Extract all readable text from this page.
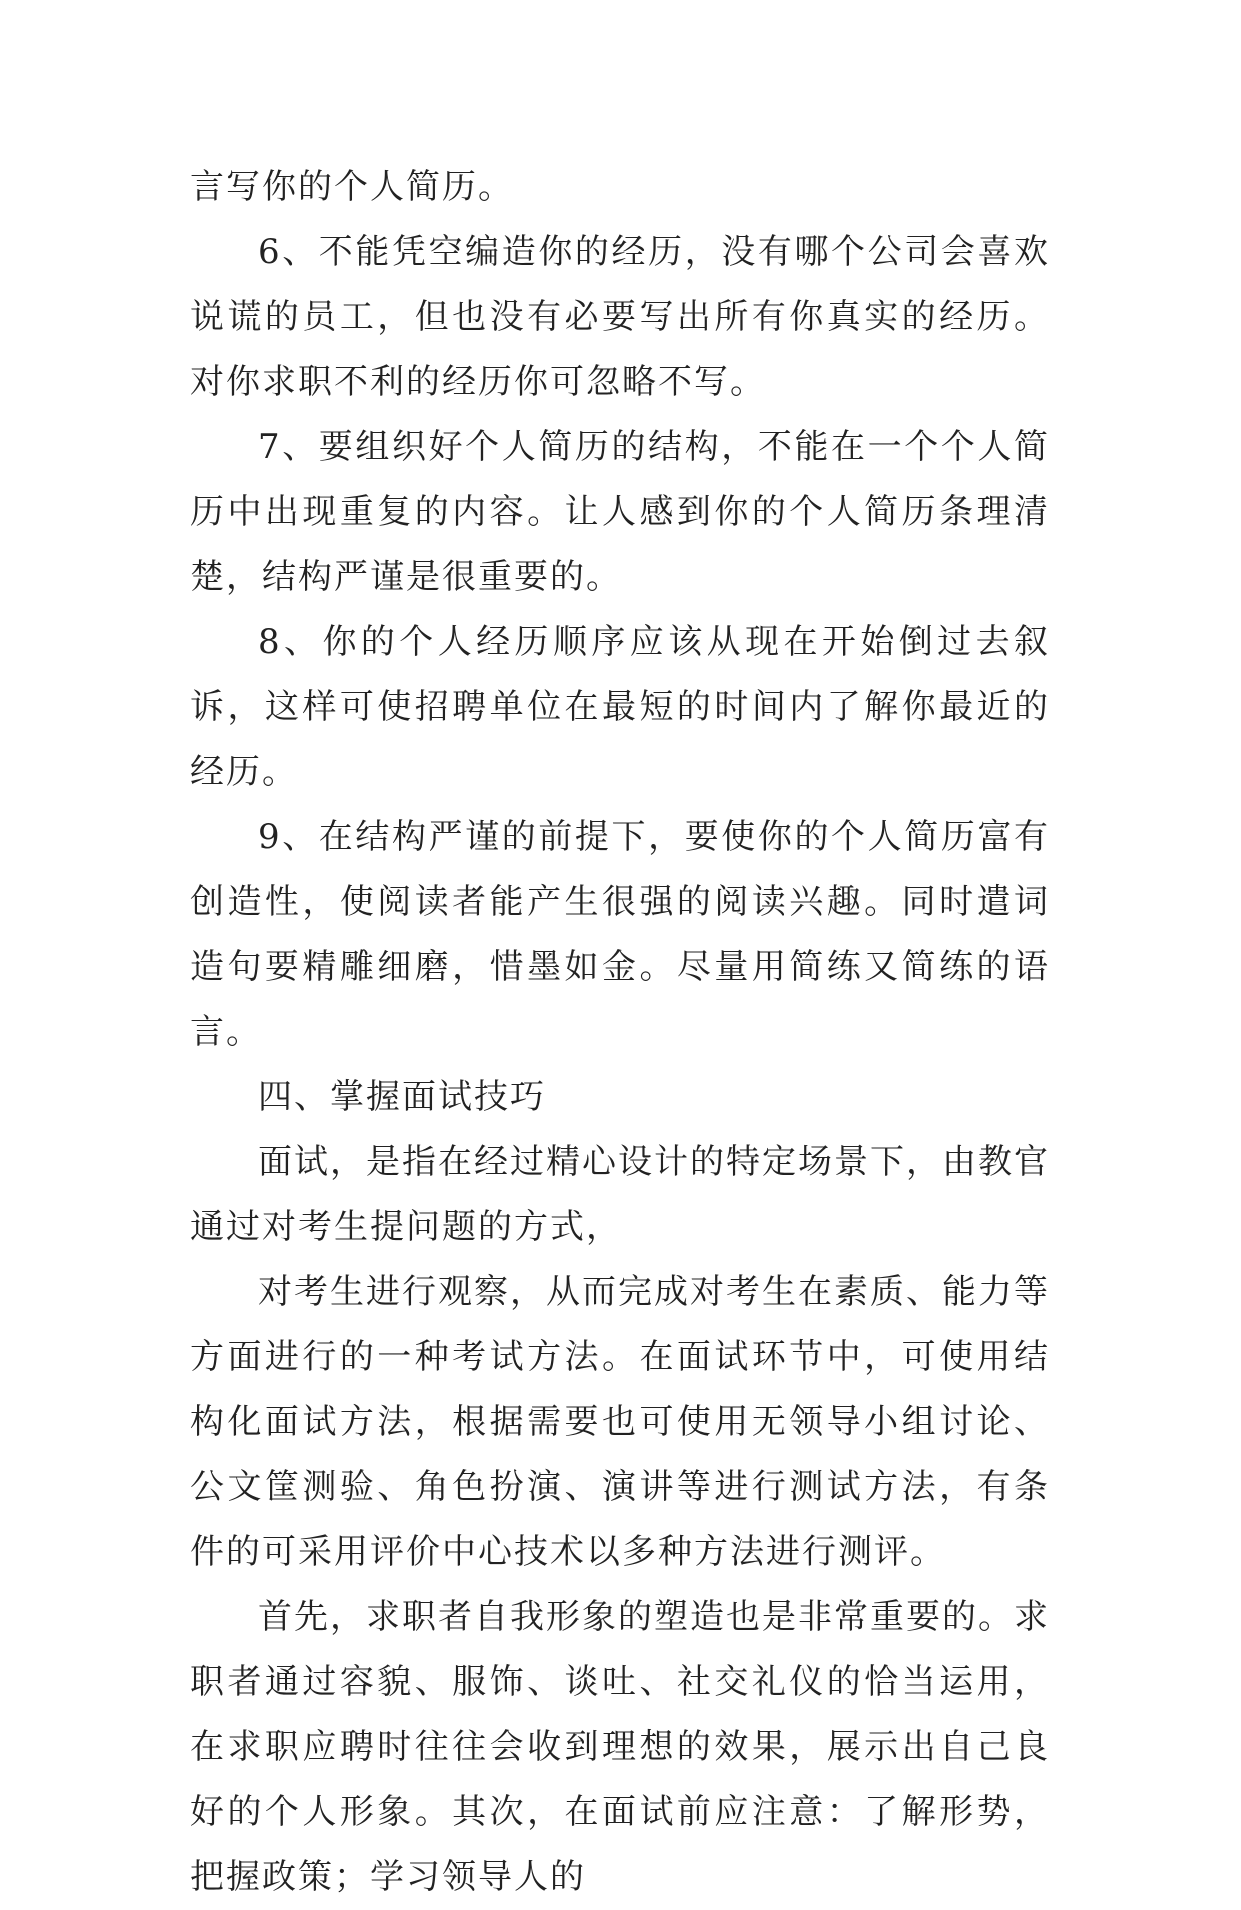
言写你的个人简历。

6、不能凭空编造你的经历，没有哪个公司会喜欢说谎的员工，但也没有必要写出所有你真实的经历。对你求职不利的经历你可忽略不写。

7、要组织好个人简历的结构，不能在一个个人简历中出现重复的内容。让人感到你的个人简历条理清楚，结构严谨是很重要的。

8、你的个人经历顺序应该从现在开始倒过去叙诉，这样可使招聘单位在最短的时间内了解你最近的经历。

9、在结构严谨的前提下，要使你的个人简历富有创造性，使阅读者能产生很强的阅读兴趣。同时遣词造句要精雕细磨，惜墨如金。尽量用简练又简练的语言。

四、掌握面试技巧

面试，是指在经过精心设计的特定场景下，由教官通过对考生提问题的方式，

对考生进行观察，从而完成对考生在素质、能力等方面进行的一种考试方法。在面试环节中，可使用结构化面试方法，根据需要也可使用无领导小组讨论、公文筐测验、角色扮演、演讲等进行测试方法，有条件的可采用评价中心技术以多种方法进行测评。

首先，求职者自我形象的塑造也是非常重要的。求职者通过容貌、服饰、谈吐、社交礼仪的恰当运用，在求职应聘时往往会收到理想的效果，展示出自己良好的个人形象。其次，在面试前应注意：了解形势，把握政策；学习领导人的
